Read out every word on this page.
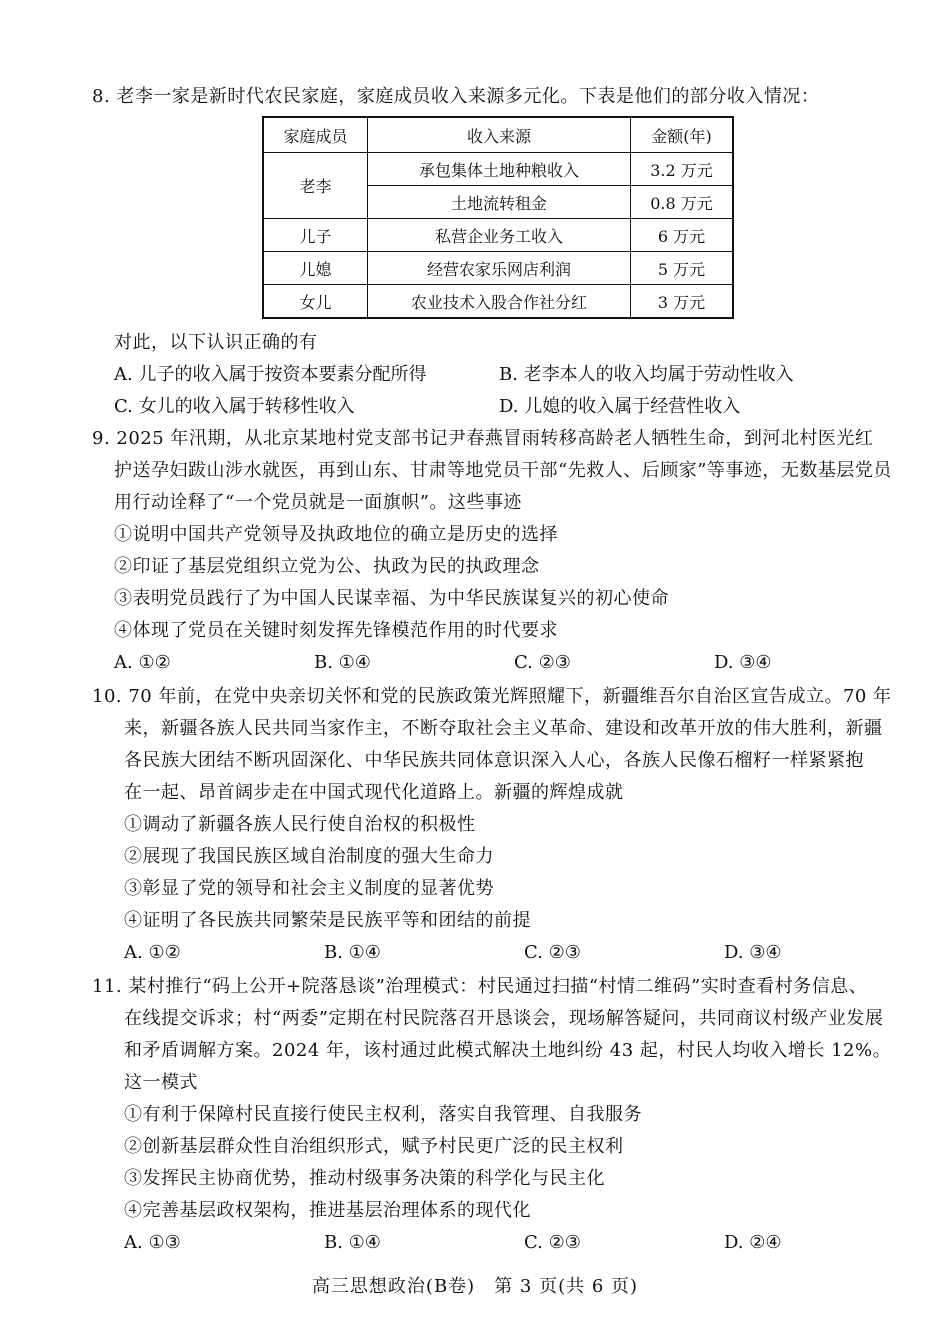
8. 老李一家是新时代农民家庭，家庭成员收入来源多元化。下表是他们的部分收入情况：
家庭成员	收入来源	金额(年)
老李	承包集体土地种粮收入	3.2 万元
	土地流转租金	0.8 万元
儿子	私营企业务工收入	6 万元
儿媳	经营农家乐网店利润	5 万元
女儿	农业技术入股合作社分红	3 万元
对此，以下认识正确的有
A. 儿子的收入属于按资本要素分配所得	B. 老李本人的收入均属于劳动性收入
C. 女儿的收入属于转移性收入	D. 儿媳的收入属于经营性收入
9. 2025 年汛期，从北京某地村党支部书记尹春燕冒雨转移高龄老人牺牲生命，到河北村医光红
护送孕妇跋山涉水就医，再到山东、甘肃等地党员干部“先救人、后顾家”等事迹，无数基层党员
用行动诠释了“一个党员就是一面旗帜”。这些事迹
①说明中国共产党领导及执政地位的确立是历史的选择
②印证了基层党组织立党为公、执政为民的执政理念
③表明党员践行了为中国人民谋幸福、为中华民族谋复兴的初心使命
④体现了党员在关键时刻发挥先锋模范作用的时代要求
A. ①②	B. ①④	C. ②③	D. ③④
10. 70 年前，在党中央亲切关怀和党的民族政策光辉照耀下，新疆维吾尔自治区宣告成立。70 年
来，新疆各族人民共同当家作主，不断夺取社会主义革命、建设和改革开放的伟大胜利，新疆
各民族大团结不断巩固深化、中华民族共同体意识深入人心，各族人民像石榴籽一样紧紧抱
在一起、昂首阔步走在中国式现代化道路上。新疆的辉煌成就
①调动了新疆各族人民行使自治权的积极性
②展现了我国民族区域自治制度的强大生命力
③彰显了党的领导和社会主义制度的显著优势
④证明了各民族共同繁荣是民族平等和团结的前提
A. ①②	B. ①④	C. ②③	D. ③④
11. 某村推行“码上公开+院落恳谈”治理模式：村民通过扫描“村情二维码”实时查看村务信息、
在线提交诉求；村“两委”定期在村民院落召开恳谈会，现场解答疑问，共同商议村级产业发展
和矛盾调解方案。2024 年，该村通过此模式解决土地纠纷 43 起，村民人均收入增长 12%。
这一模式
①有利于保障村民直接行使民主权利，落实自我管理、自我服务
②创新基层群众性自治组织形式，赋予村民更广泛的民主权利
③发挥民主协商优势，推动村级事务决策的科学化与民主化
④完善基层政权架构，推进基层治理体系的现代化
A. ①③	B. ①④	C. ②③	D. ②④
高三思想政治(B卷)　第 3 页(共 6 页)
